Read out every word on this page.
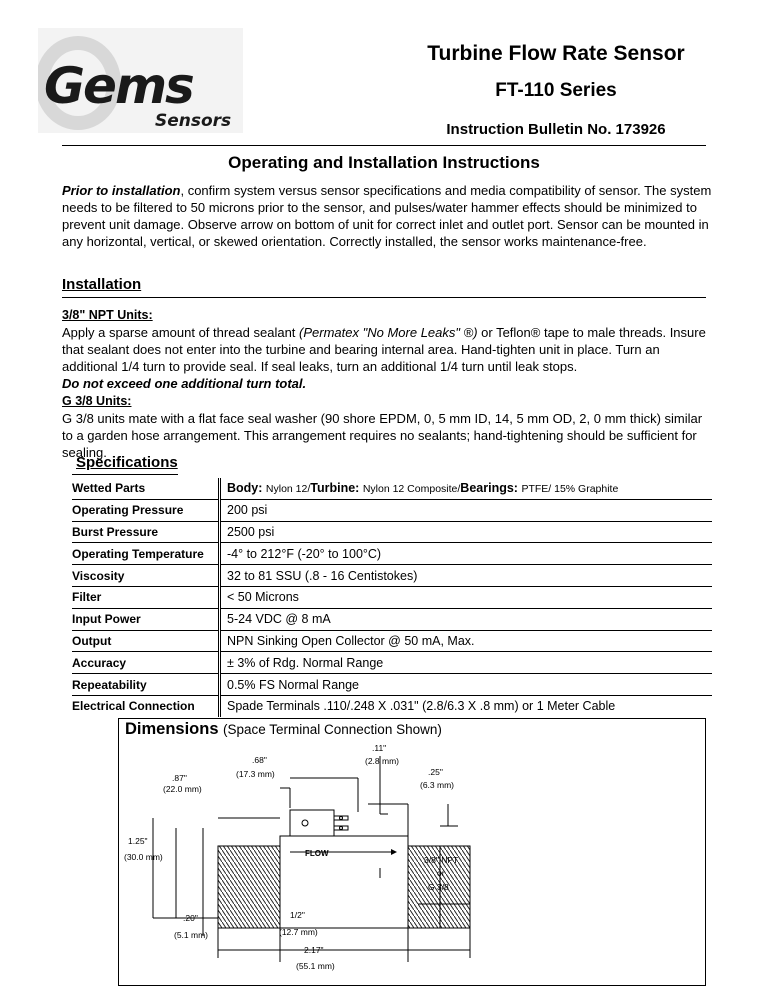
Gems
Sensors
Turbine Flow Rate Sensor
FT-110 Series
Instruction Bulletin No. 173926
Operating and Installation Instructions

Prior to installation, confirm system versus sensor specifications and media compatibility of sensor. The system needs to be filtered to 50 microns prior to the sensor, and pulses/water hammer effects should be minimized to prevent unit damage. Observe arrow on bottom of unit for correct inlet and outlet port. Sensor can be mounted in any horizontal, vertical, or skewed orientation. Correctly installed, the sensor works maintenance-free.

Installation

3/8" NPT Units:

Apply a sparse amount of thread sealant (Permatex "No More Leaks" ®) or Teflon® tape to male threads. Insure that sealant does not enter into the turbine and bearing internal area. Hand-tighten unit in place. Turn an additional 1/4 turn to provide seal. If seal leaks, turn an additional 1/4 turn until leak stops.

Do not exceed one additional turn total.

G 3/8 Units:

G 3/8 units mate with a flat face seal washer (90 shore EPDM, 0, 5 mm ID, 14, 5 mm OD, 2, 0 mm thick) similar to a garden hose arrangement. This arrangement requires no sealants; hand-tightening should be sufficient for sealing.

Specifications
Wetted Parts	Body: Nylon 12/Turbine: Nylon 12 Composite/Bearings: PTFE/ 15% Graphite
Operating Pressure	200 psi
Burst Pressure	2500 psi
Operating Temperature	-4° to 212°F (-20° to 100°C)
Viscosity	32 to 81 SSU (.8 - 16 Centistokes)
Filter	< 50 Microns
Input Power	5-24 VDC @ 8 mA
Output	NPN Sinking Open Collector @ 50 mA, Max.
Accuracy	± 3% of Rdg. Normal Range
Repeatability	0.5% FS Normal Range
Electrical Connection	Spade Terminals .110/.248 X .031" (2.8/6.3 X .8 mm) or 1 Meter Cable
Dimensions (Space Terminal Connection Shown)
FLOW
.11"
(2.8 mm)
.68"
(17.3 mm)
.87"
(22.0 mm)
.25"
(6.3 mm)
1.25"
(30.0 mm)	3/8" NPT
or
G 3/8
.20"
(5.1 mm)
1/2"
(12.7 mm)
2.17"
(55.1 mm)
